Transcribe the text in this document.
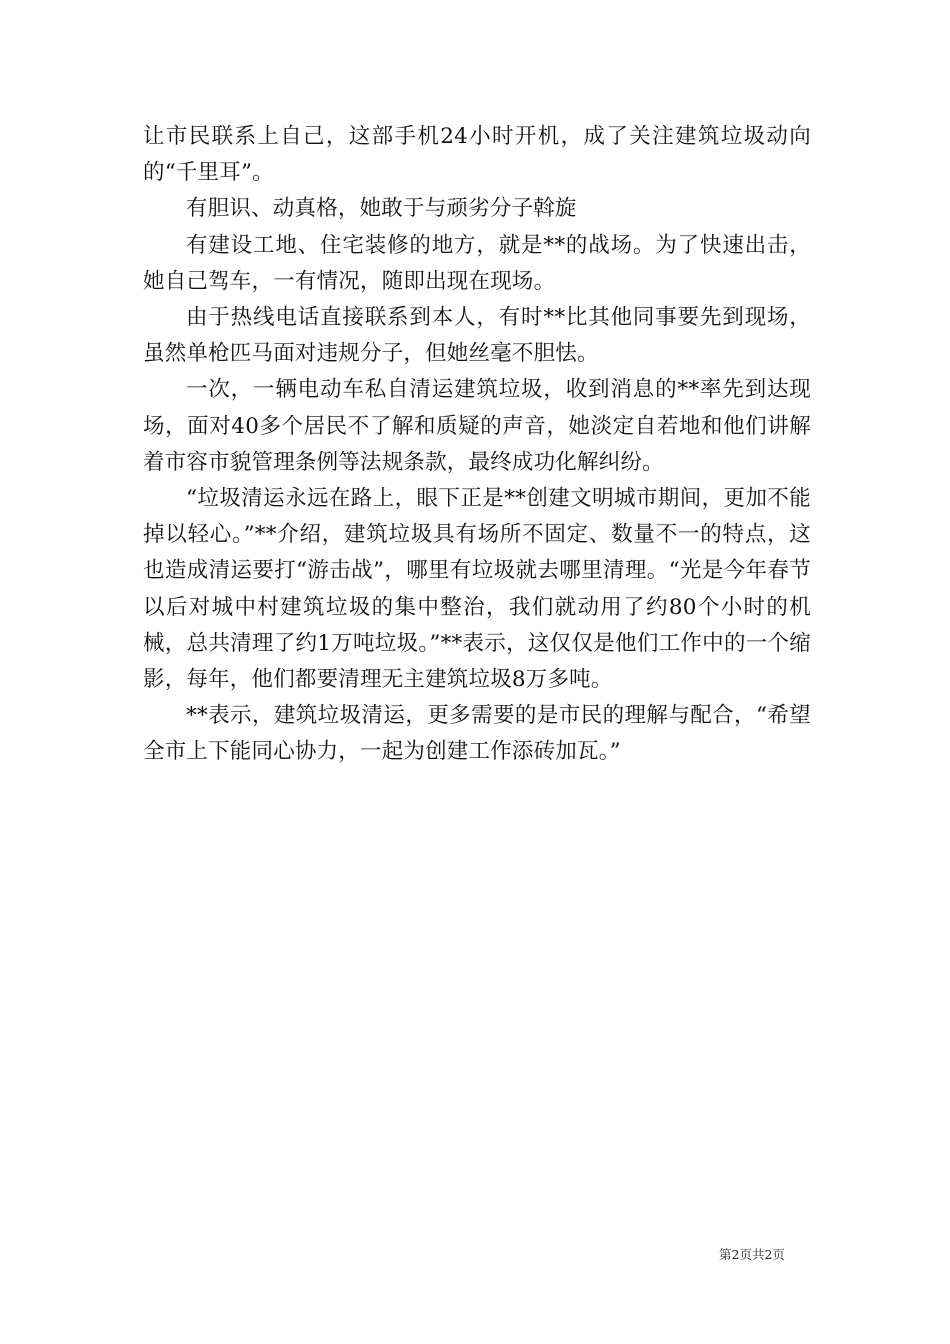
让市民联系上自己，这部手机24小时开机，成了关注建筑垃圾动向的“千里耳”。

有胆识、动真格，她敢于与顽劣分子斡旋

有建设工地、住宅装修的地方，就是**的战场。为了快速出击，她自己驾车，一有情况，随即出现在现场。

由于热线电话直接联系到本人，有时**比其他同事要先到现场，虽然单枪匹马面对违规分子，但她丝毫不胆怯。

一次，一辆电动车私自清运建筑垃圾，收到消息的**率先到达现场，面对40多个居民不了解和质疑的声音，她淡定自若地和他们讲解着市容市貌管理条例等法规条款，最终成功化解纠纷。

“垃圾清运永远在路上，眼下正是**创建文明城市期间，更加不能掉以轻心。”**介绍，建筑垃圾具有场所不固定、数量不一的特点，这也造成清运要打“游击战”，哪里有垃圾就去哪里清理。“光是今年春节以后对城中村建筑垃圾的集中整治，我们就动用了约80个小时的机械，总共清理了约1万吨垃圾。”**表示，这仅仅是他们工作中的一个缩影，每年，他们都要清理无主建筑垃圾8万多吨。

**表示，建筑垃圾清运，更多需要的是市民的理解与配合，“希望全市上下能同心协力，一起为创建工作添砖加瓦。”

第2页共2页
